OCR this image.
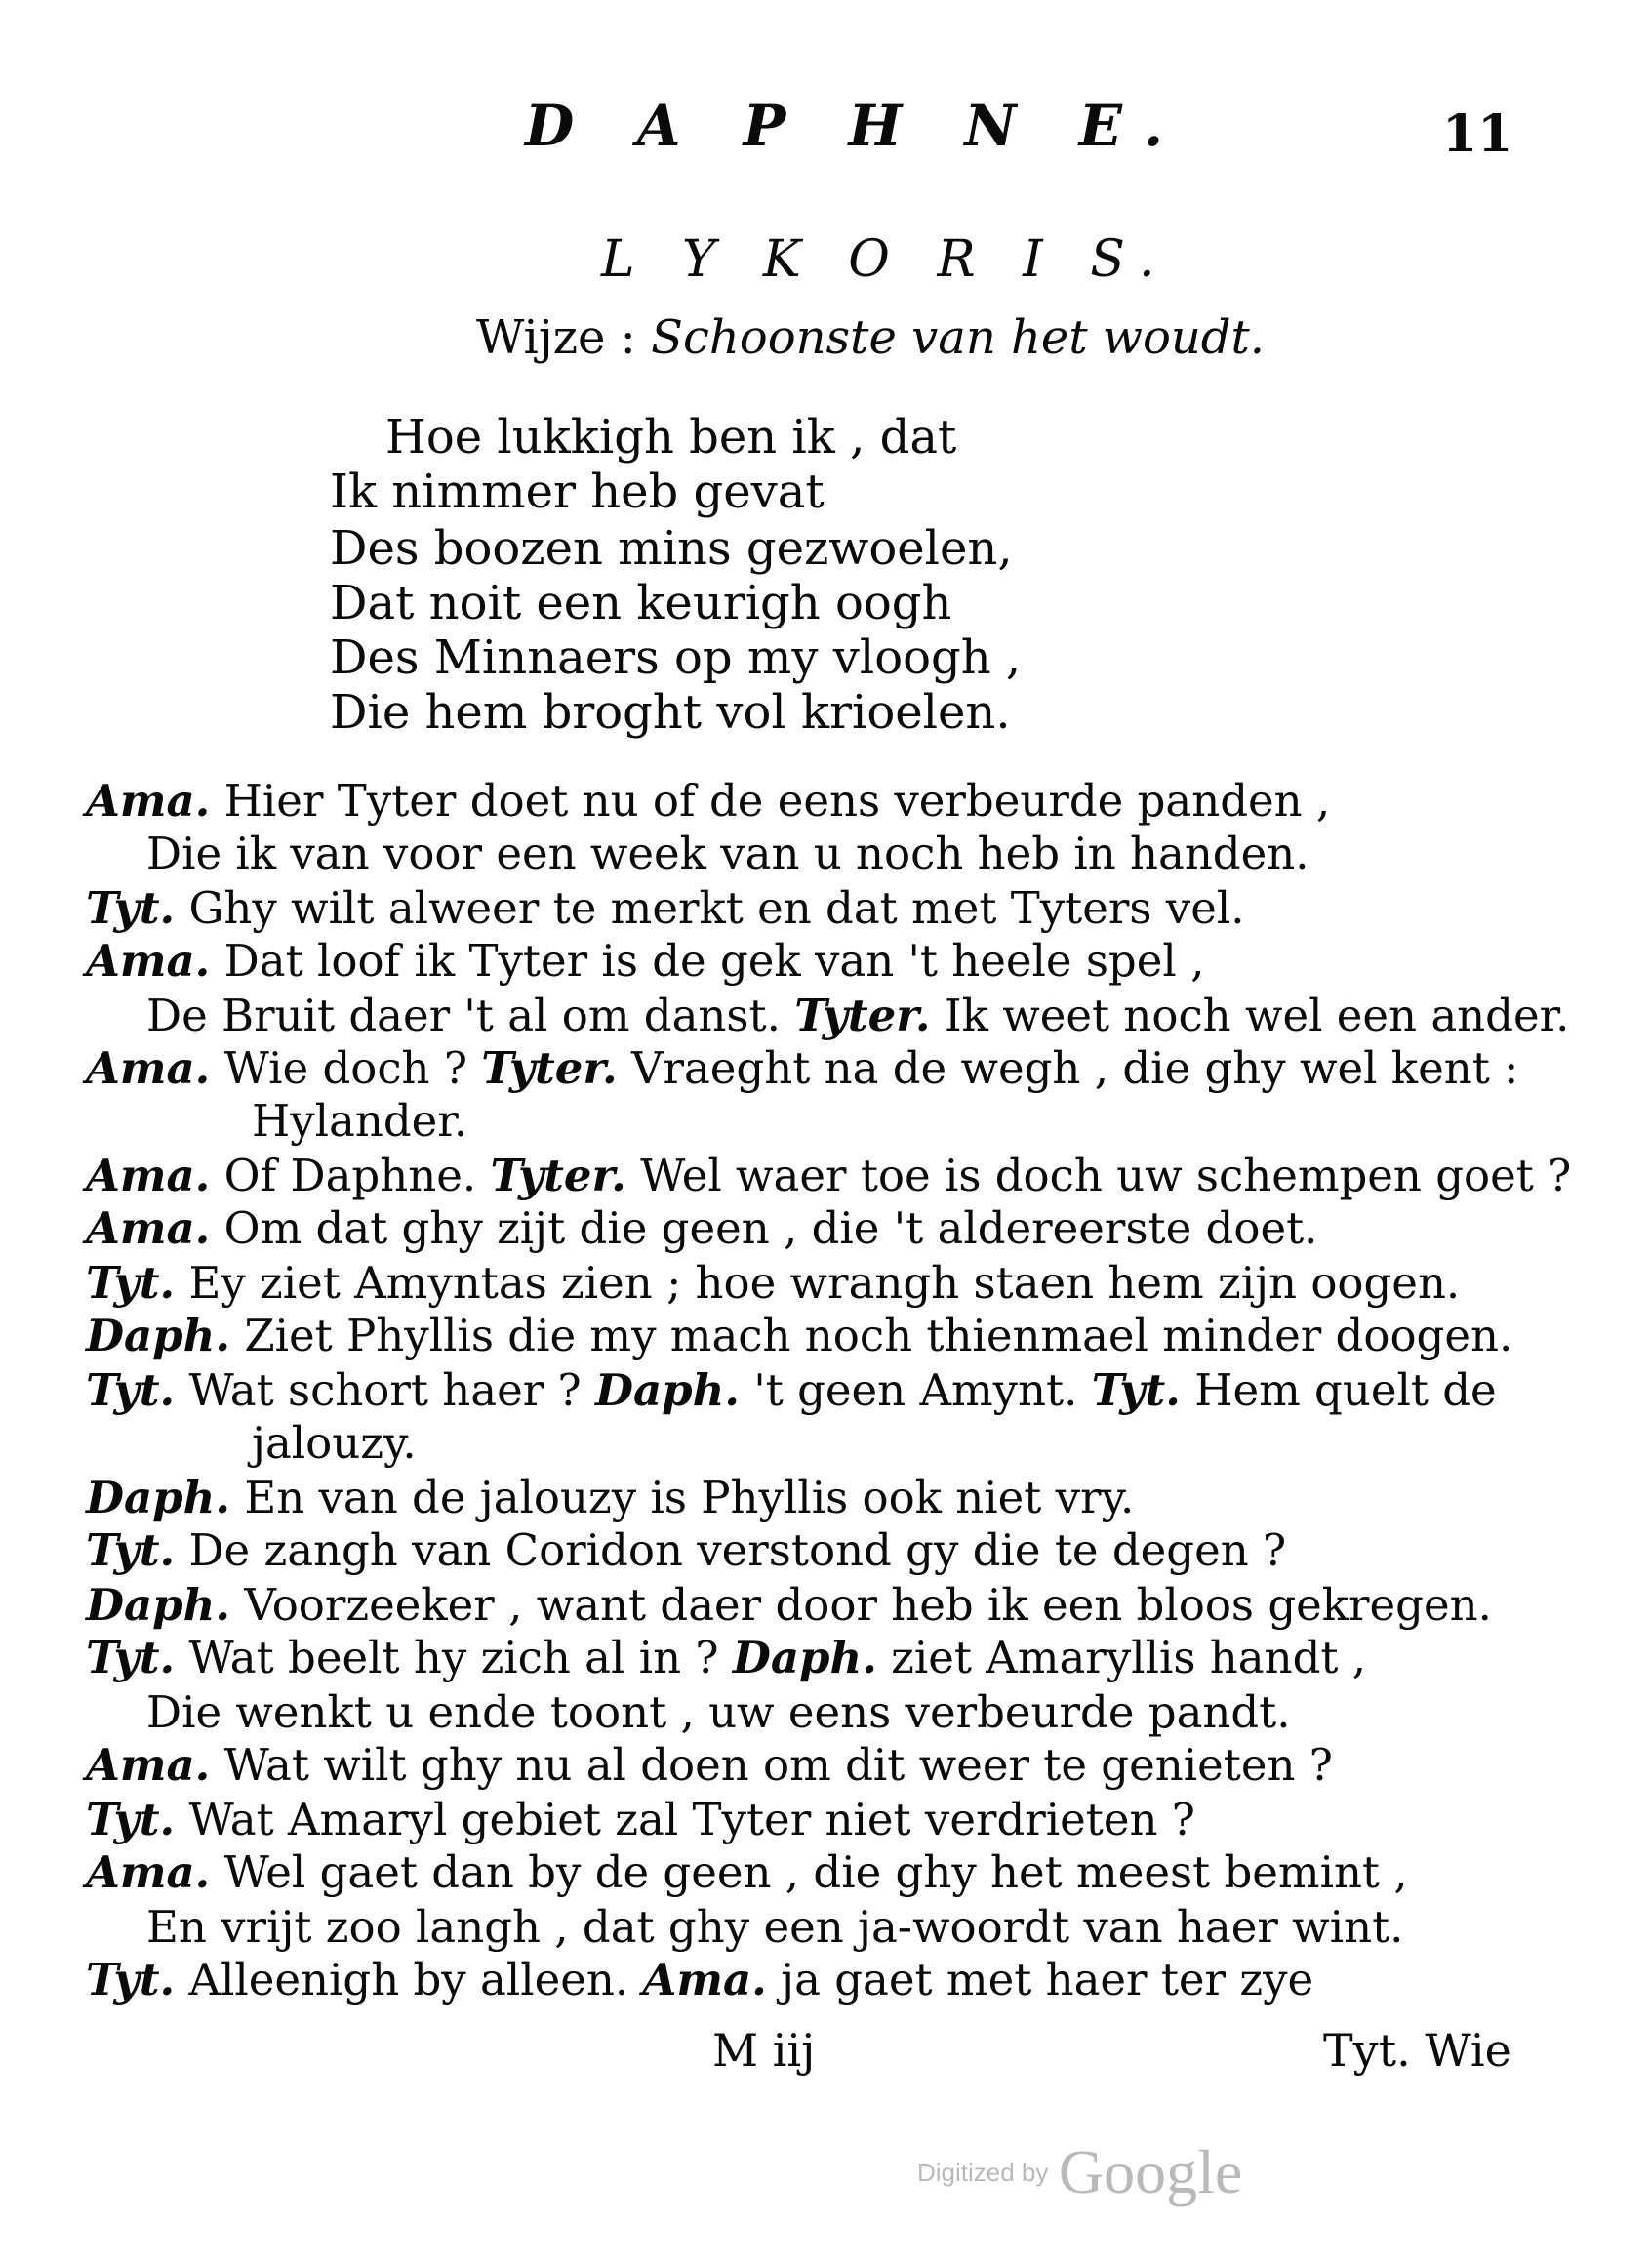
D A P H N E.	11
L Y K O R I S.
Wijze : Schoonste van het woudt.
Hoe lukkigh ben ik , dat
Ik nimmer heb gevat
Des boozen mins gezwoelen,
Dat noit een keurigh oogh
Des Minnaers op my vloogh ,
Die hem broght vol krioelen.
Ama. Hier Tyter doet nu of de eens verbeurde panden ,
Die ik van voor een week van u noch heb in handen.
Tyt. Ghy wilt alweer te merkt en dat met Tyters vel.
Ama. Dat loof ik Tyter is de gek van 't heele spel ,
De Bruit daer 't al om danst. Tyter. Ik weet noch wel een ander.
Ama. Wie doch ? Tyter. Vraeght na de wegh , die ghy wel kent :
Hylander.
Ama. Of Daphne. Tyter. Wel waer toe is doch uw schempen goet ?
Ama. Om dat ghy zijt die geen , die 't aldereerste doet.
Tyt. Ey ziet Amyntas zien ; hoe wrangh staen hem zijn oogen.
Daph. Ziet Phyllis die my mach noch thienmael minder doogen.
Tyt. Wat schort haer ? Daph. 't geen Amynt. Tyt. Hem quelt de
jalouzy.
Daph. En van de jalouzy is Phyllis ook niet vry.
Tyt. De zangh van Coridon verstond gy die te degen ?
Daph. Voorzeeker , want daer door heb ik een bloos gekregen.
Tyt. Wat beelt hy zich al in ? Daph. ziet Amaryllis handt ,
Die wenkt u ende toont , uw eens verbeurde pandt.
Ama. Wat wilt ghy nu al doen om dit weer te genieten ?
Tyt. Wat Amaryl gebiet zal Tyter niet verdrieten ?
Ama. Wel gaet dan by de geen , die ghy het meest bemint ,
En vrijt zoo langh , dat ghy een ja-woordt van haer wint.
Tyt. Alleenigh by alleen. Ama. ja gaet met haer ter zye
M iij	Tyt. Wie
Digitized by Google
